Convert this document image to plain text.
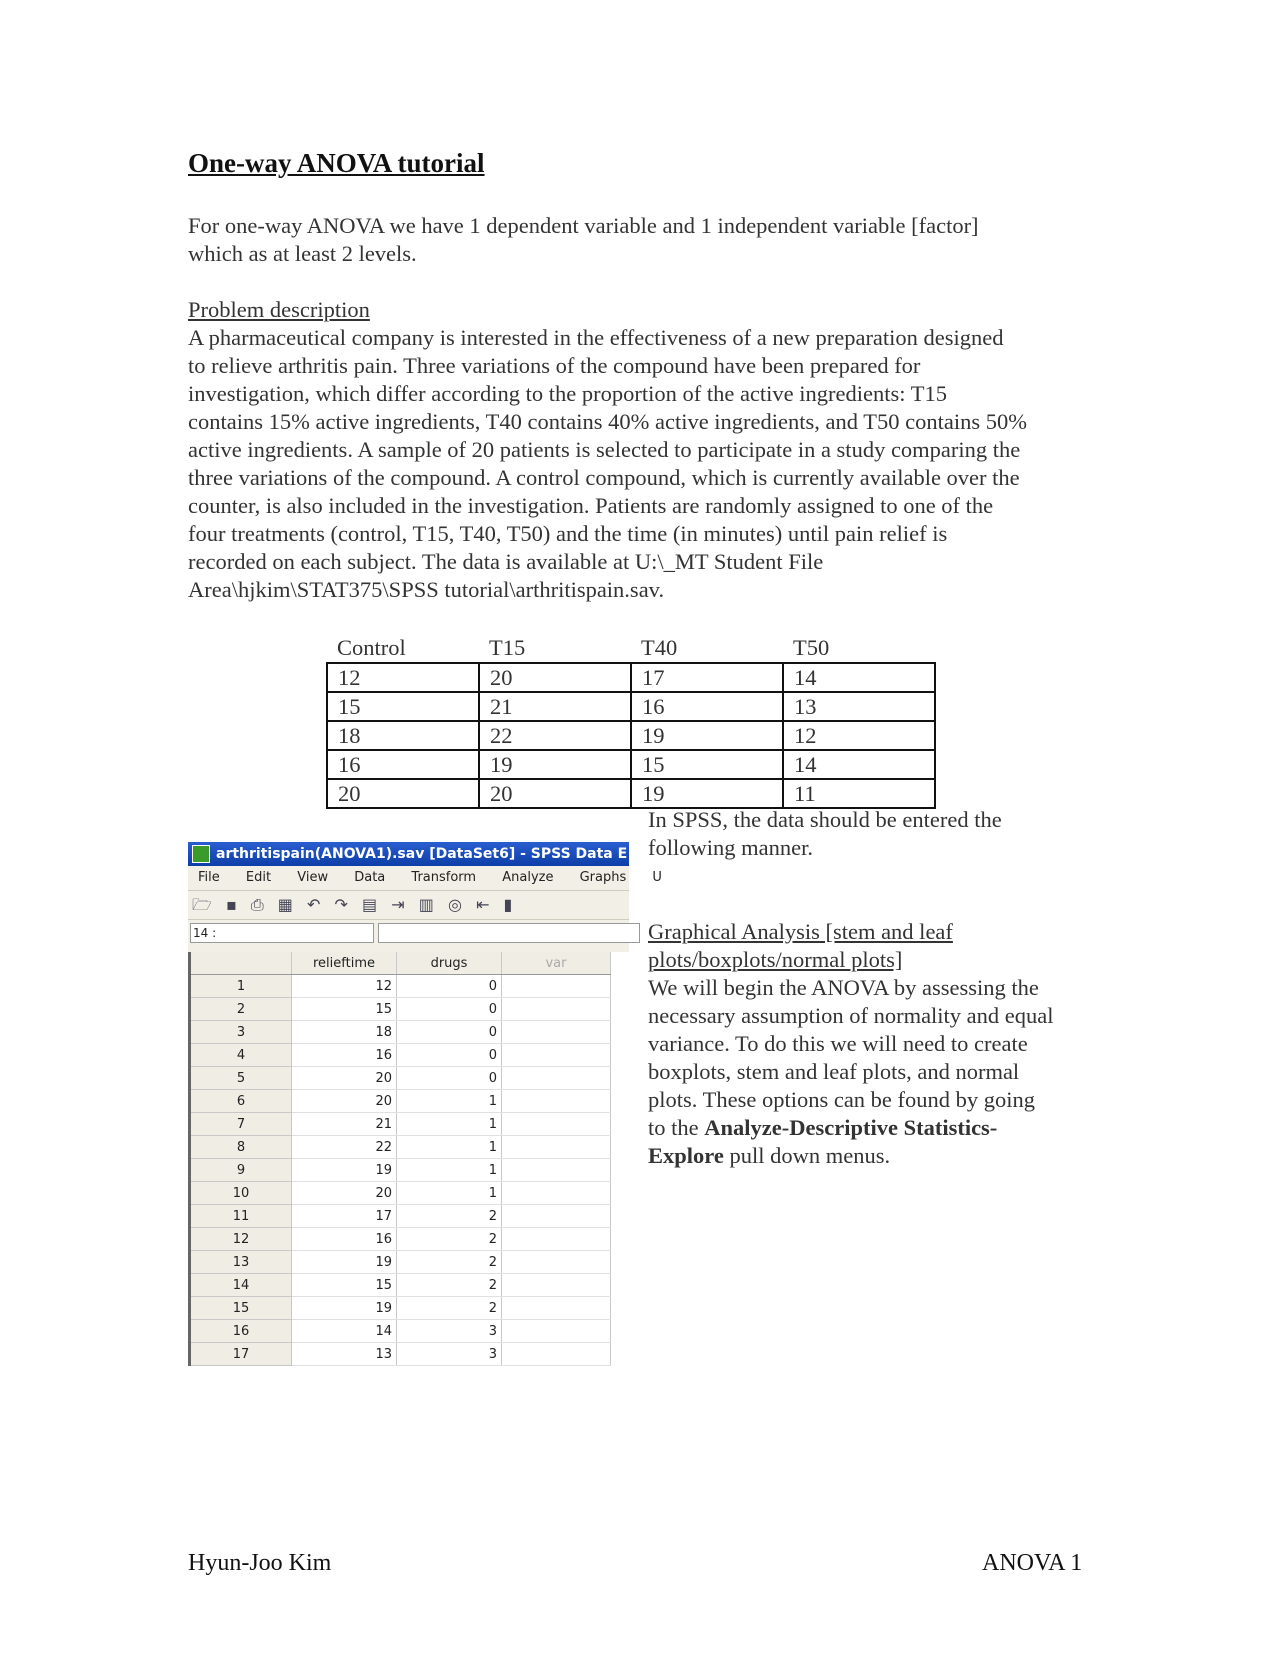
One-way ANOVA tutorial
For one-way ANOVA we have 1 dependent variable and 1 independent variable [factor]
which as at least 2 levels.
Problem description
A pharmaceutical company is interested in the effectiveness of a new preparation designed
to relieve arthritis pain. Three variations of the compound have been prepared for
investigation, which differ according to the proportion of the active ingredients: T15
contains 15% active ingredients, T40 contains 40% active ingredients, and T50 contains 50%
active ingredients. A sample of 20 patients is selected to participate in a study comparing the
three variations of the compound. A control compound, which is currently available over the
counter, is also included in the investigation. Patients are randomly assigned to one of the
four treatments (control, T15, T40, T50) and the time (in minutes) until pain relief is
recorded on each subject. The data is available at U:\_MT Student File
Area\hjkim\STAT375\SPSS tutorial\arthritispain.sav.
Control	T15	T40	T50
12	20	17	14
15	21	16	13
18	22	19	12
16	19	15	14
20	20	19	11
arthritispain(ANOVA1).sav [DataSet6] - SPSS Data E
File Edit View Data Transform Analyze Graphs U
🗁 ▪ ⎙ ▦ ↶ ↷ ▤ ⇥ ▥ ◎ ⇤ ▮
14 :
	relieftime	drugs	var
1	12	0	
2	15	0	
3	18	0	
4	16	0	
5	20	0	
6	20	1	
7	21	1	
8	22	1	
9	19	1	
10	20	1	
11	17	2	
12	16	2	
13	19	2	
14	15	2	
15	19	2	
16	14	3	
17	13	3	
In SPSS, the data should be entered the
following manner.
Graphical Analysis [stem and leaf
plots/boxplots/normal plots]
We will begin the ANOVA by assessing the
necessary assumption of normality and equal
variance. To do this we will need to create
boxplots, stem and leaf plots, and normal
plots. These options can be found by going
to the Analyze-Descriptive Statistics-
Explore pull down menus.
Hyun-Joo Kim	ANOVA 1
